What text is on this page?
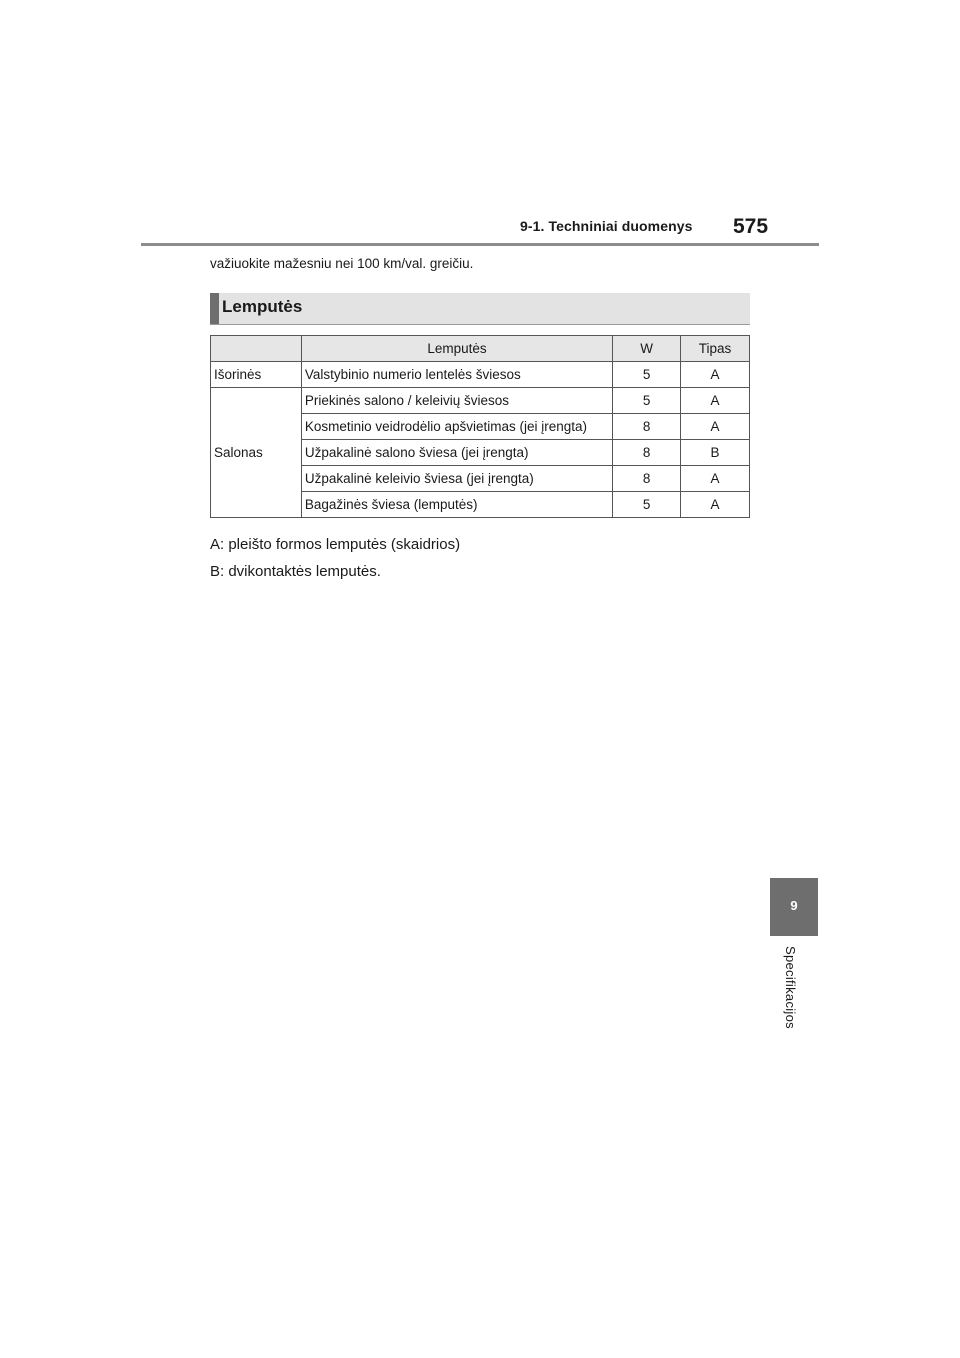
9-1. Techniniai duomenys 575
važiuokite mažesniu nei 100 km/val. greičiu.
Lemputės
	Lemputės	W	Tipas
Išorinės	Valstybinio numerio lentelės šviesos	5	A
Salonas	Priekinės salono / keleivių šviesos	5	A
	Kosmetinio veidrodėlio apšvietimas (jei įrengta)	8	A
	Užpakalinė salono šviesa (jei įrengta)	8	B
	Užpakalinė keleivio šviesa (jei įrengta)	8	A
	Bagažinės šviesa (lemputės)	5	A
A: pleišto formos lemputės (skaidrios)
B: dvikontaktės lemputės.
9
Specifikacijos
